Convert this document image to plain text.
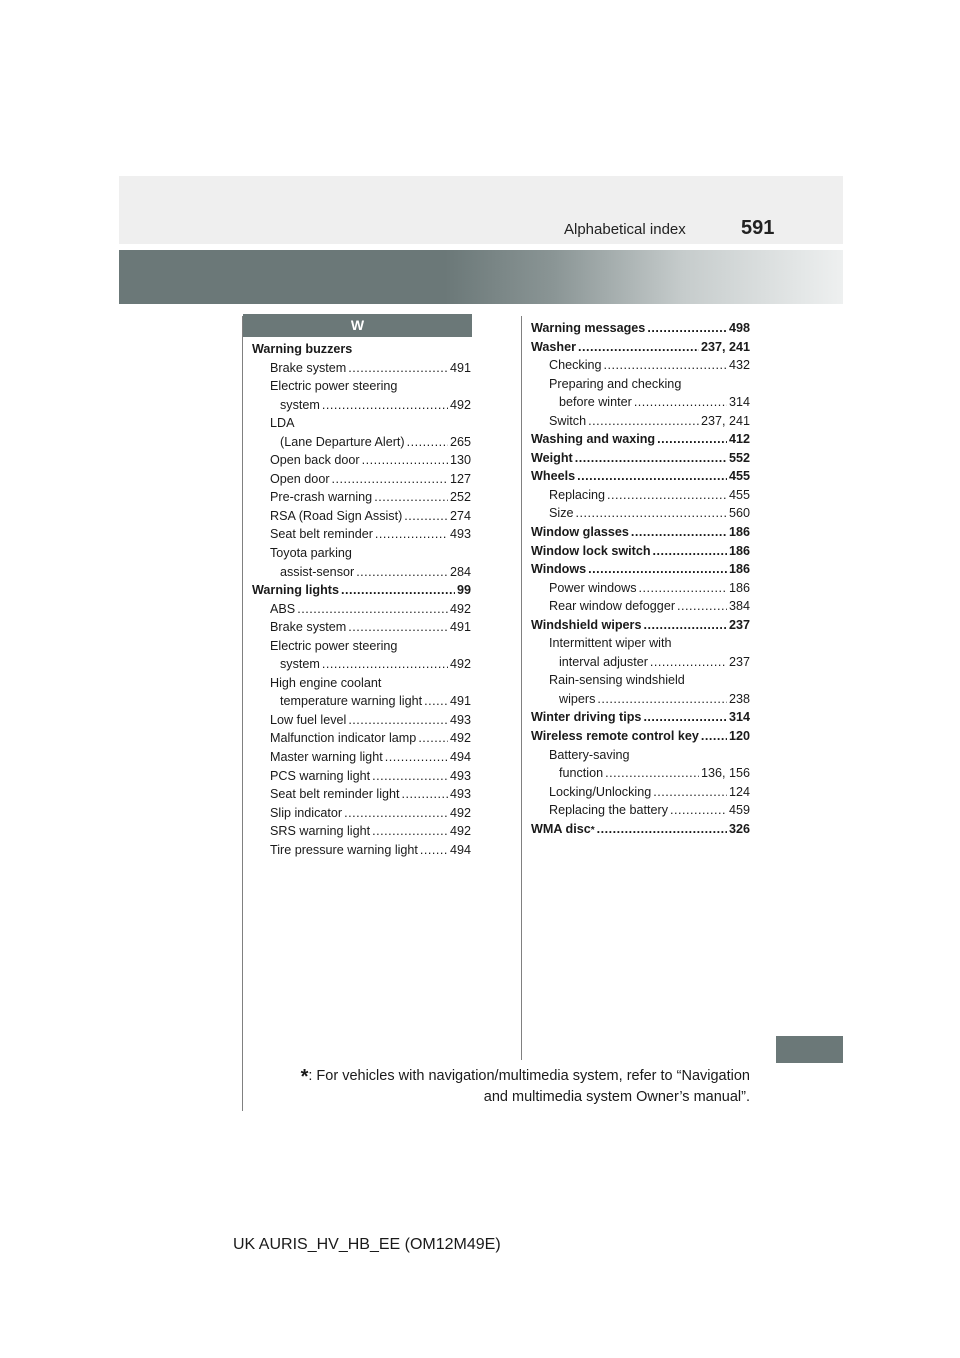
Alphabetical index	591
W
Warning buzzers
Brake system .....	491
Electric power steering
system .....	492
LDA
(Lane Departure Alert) .....	265
Open back door .....	130
Open door .....	127
Pre-crash warning .....	252
RSA (Road Sign Assist) .....	274
Seat belt reminder .....	493
Toyota parking
assist-sensor .....	284
Warning lights .....	99
ABS .....	492
Brake system .....	491
Electric power steering
system .....	492
High engine coolant
temperature warning light ..... 491
Low fuel level .....	493
Malfunction indicator lamp .....	492
Master warning light .....	494
PCS warning light .....	493
Seat belt reminder light .....	493
Slip indicator .....	492
SRS warning light .....	492
Tire pressure warning light .....	494
Warning messages .....	498
Washer .....	237, 241
Checking .....	432
Preparing and checking
before winter .....	314
Switch .....	237, 241
Washing and waxing .....	412
Weight .....	552
Wheels .....	455
Replacing .....	455
Size .....	560
Window glasses .....	186
Window lock switch .....	186
Windows .....	186
Power windows .....	186
Rear window defogger .....	384
Windshield wipers .....	237
Intermittent wiper with
interval adjuster .....	237
Rain-sensing windshield
wipers .....	238
Winter driving tips .....	314
Wireless remote control key ..... 120
Battery-saving
function .....	136, 156
Locking/Unlocking .....	124
Replacing the battery .....	459
WMA disc * .....	326
*: For vehicles with navigation/multimedia system, refer to “Navigation
and multimedia system Owner’s manual”.
UK AURIS_HV_HB_EE (OM12M49E)
